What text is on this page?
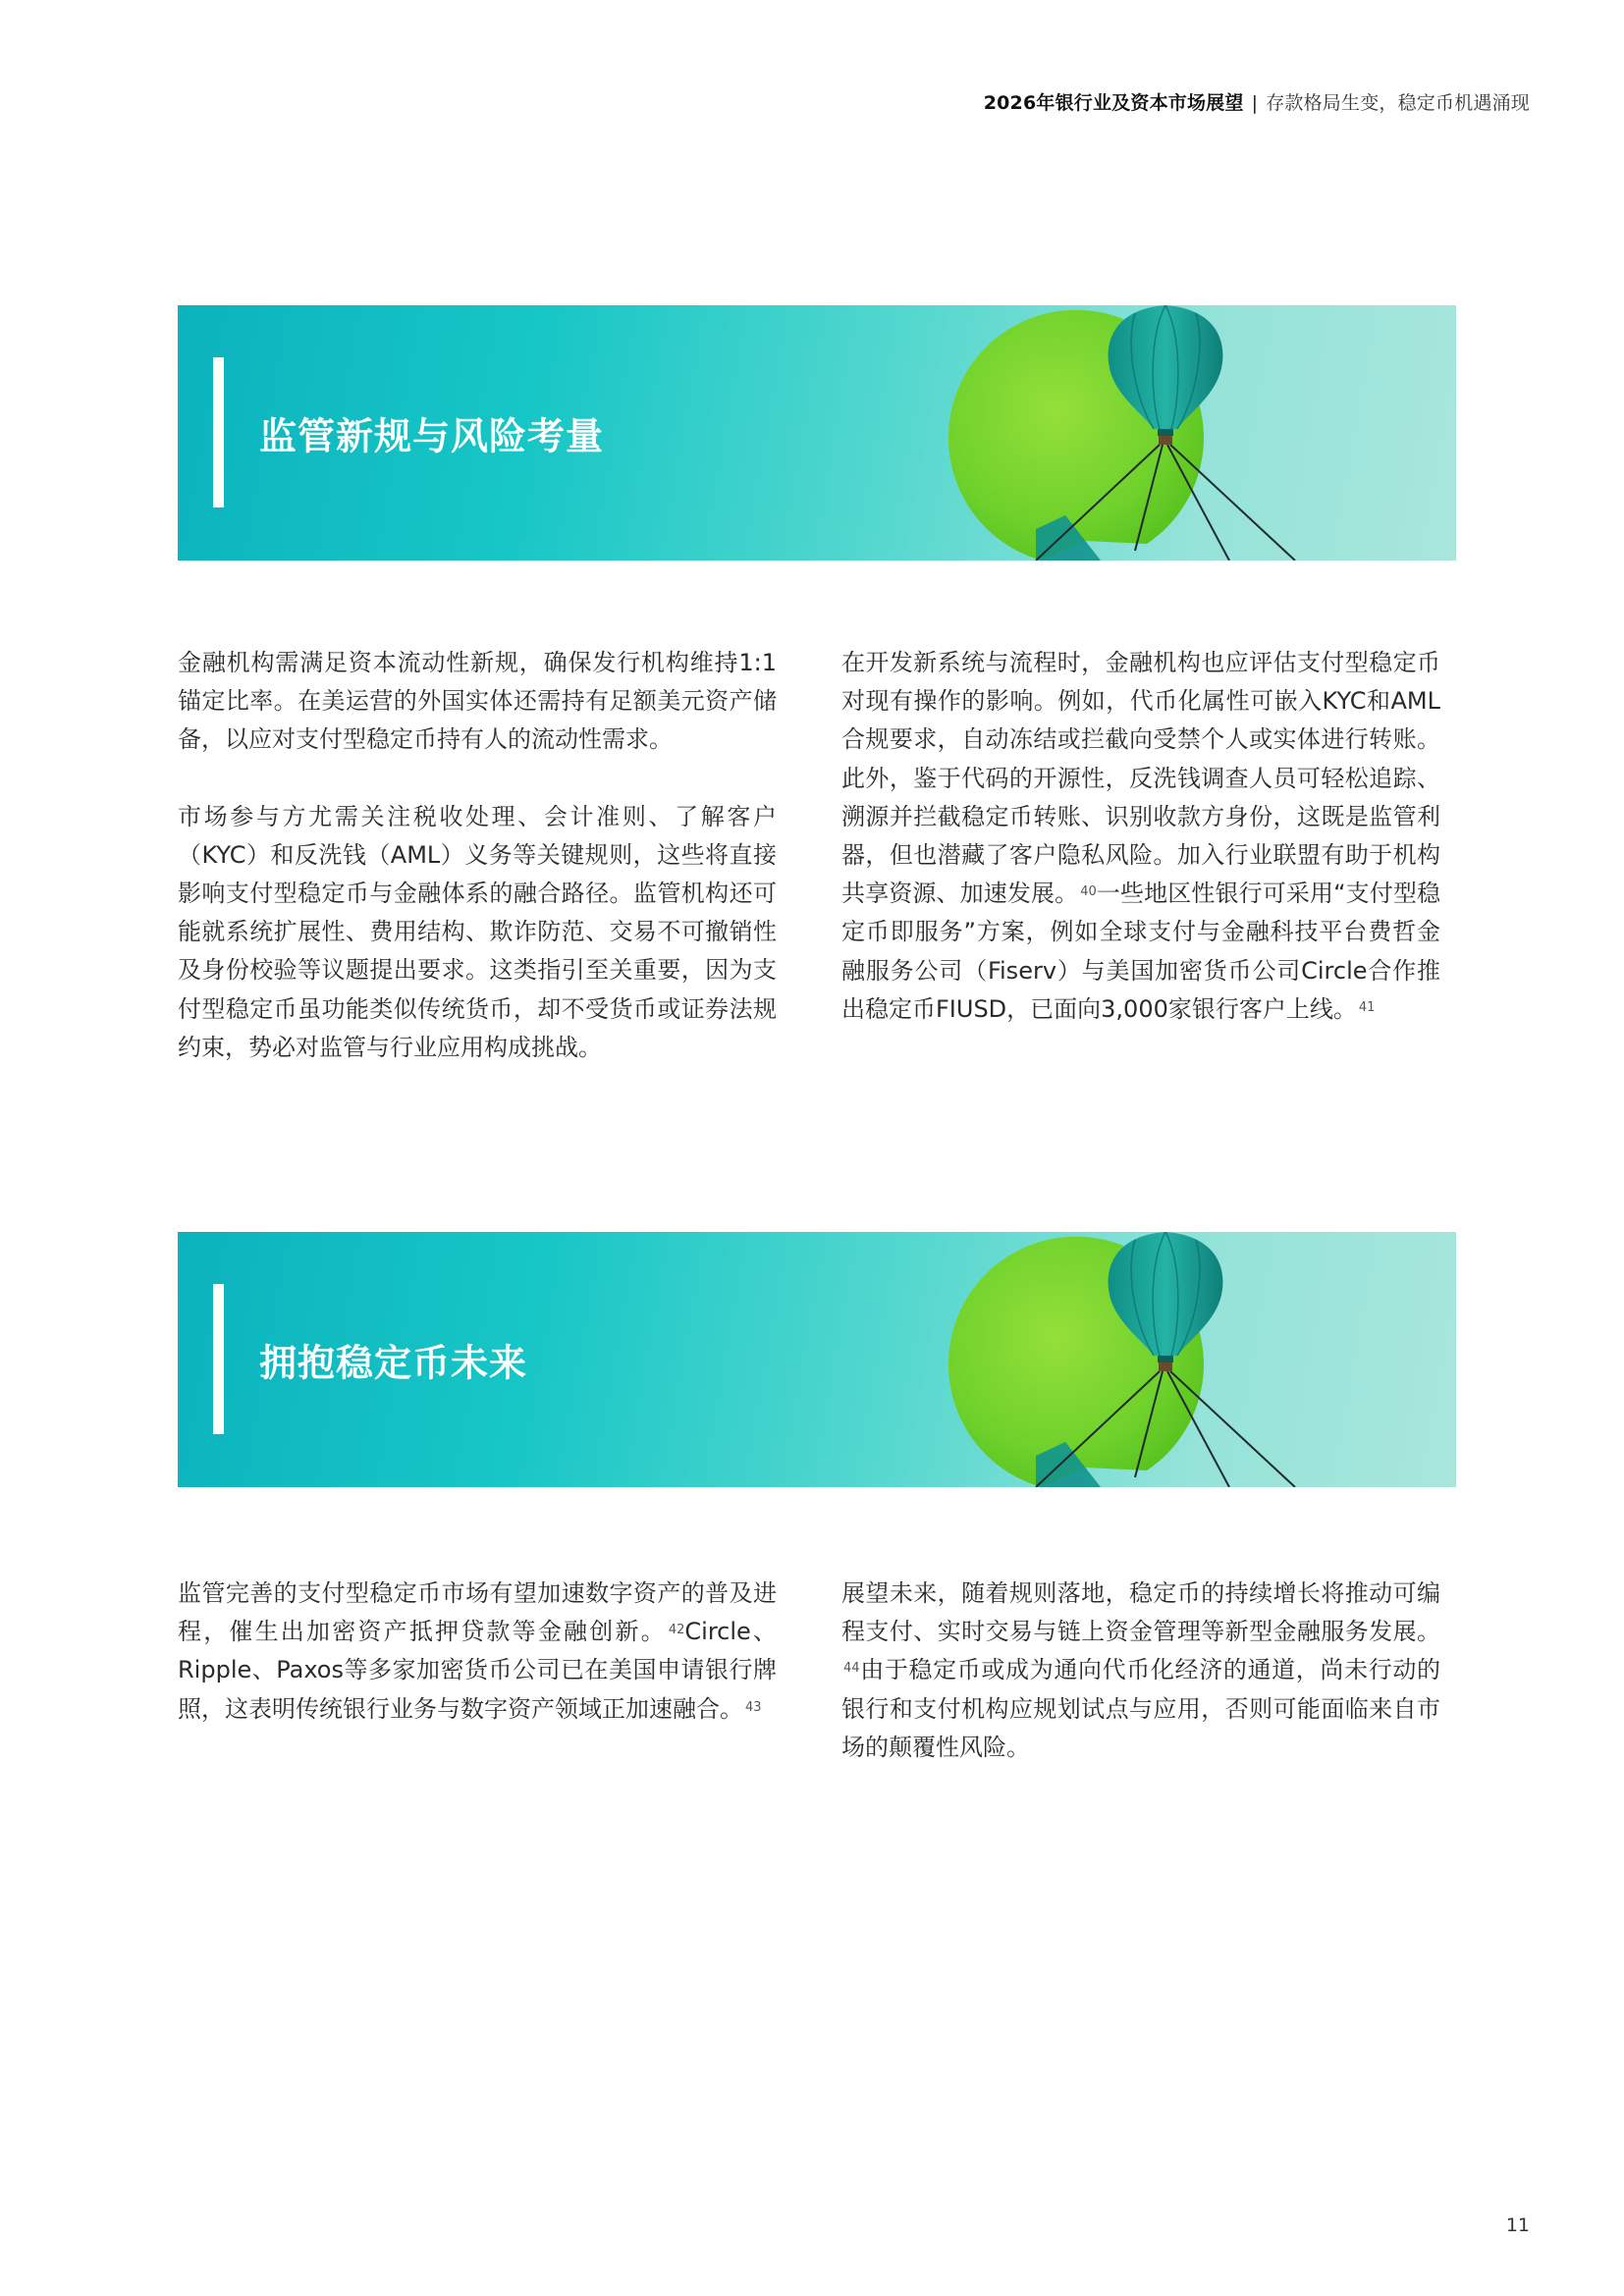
2026年银行业及资本市场展望 | 存款格局生变，稳定币机遇涌现
监管新规与风险考量

金融机构需满足资本流动性新规，确保发行机构维持1:1锚定比率。在美运营的外国实体还需持有足额美元资产储备，以应对支付型稳定币持有人的流动性需求。

市场参与方尤需关注税收处理、会计准则、了解客户（KYC）和反洗钱（AML）义务等关键规则，这些将直接影响支付型稳定币与金融体系的融合路径。监管机构还可能就系统扩展性、费用结构、欺诈防范、交易不可撤销性及身份校验等议题提出要求。这类指引至关重要，因为支付型稳定币虽功能类似传统货币，却不受货币或证券法规约束，势必对监管与行业应用构成挑战。

在开发新系统与流程时，金融机构也应评估支付型稳定币对现有操作的影响。例如，代币化属性可嵌入KYC和AML合规要求，自动冻结或拦截向受禁个人或实体进行转账。此外，鉴于代码的开源性，反洗钱调查人员可轻松追踪、溯源并拦截稳定币转账、识别收款方身份，这既是监管利器，但也潜藏了客户隐私风险。加入行业联盟有助于机构共享资源、加速发展。 $^{40}$一些地区性银行可采用“支付型稳定币即服务”方案，例如全球支付与金融科技平台费哲金融服务公司（Fiserv）与美国加密货币公司Circle合作推出稳定币FIUSD，已面向3,000家银行客户上线。 $^{41}$

拥抱稳定币未来

监管完善的支付型稳定币市场有望加速数字资产的普及进程，催生出加密资产抵押贷款等金融创新。 $^{42}$Circle、Ripple、Paxos等多家加密货币公司已在美国申请银行牌照，这表明传统银行业务与数字资产领域正加速融合。 $^{43}$

展望未来，随着规则落地，稳定币的持续增长将推动可编程支付、实时交易与链上资金管理等新型金融服务发展。$^{44}$由于稳定币或成为通向代币化经济的通道，尚未行动的银行和支付机构应规划试点与应用，否则可能面临来自市场的颠覆性风险。

11
